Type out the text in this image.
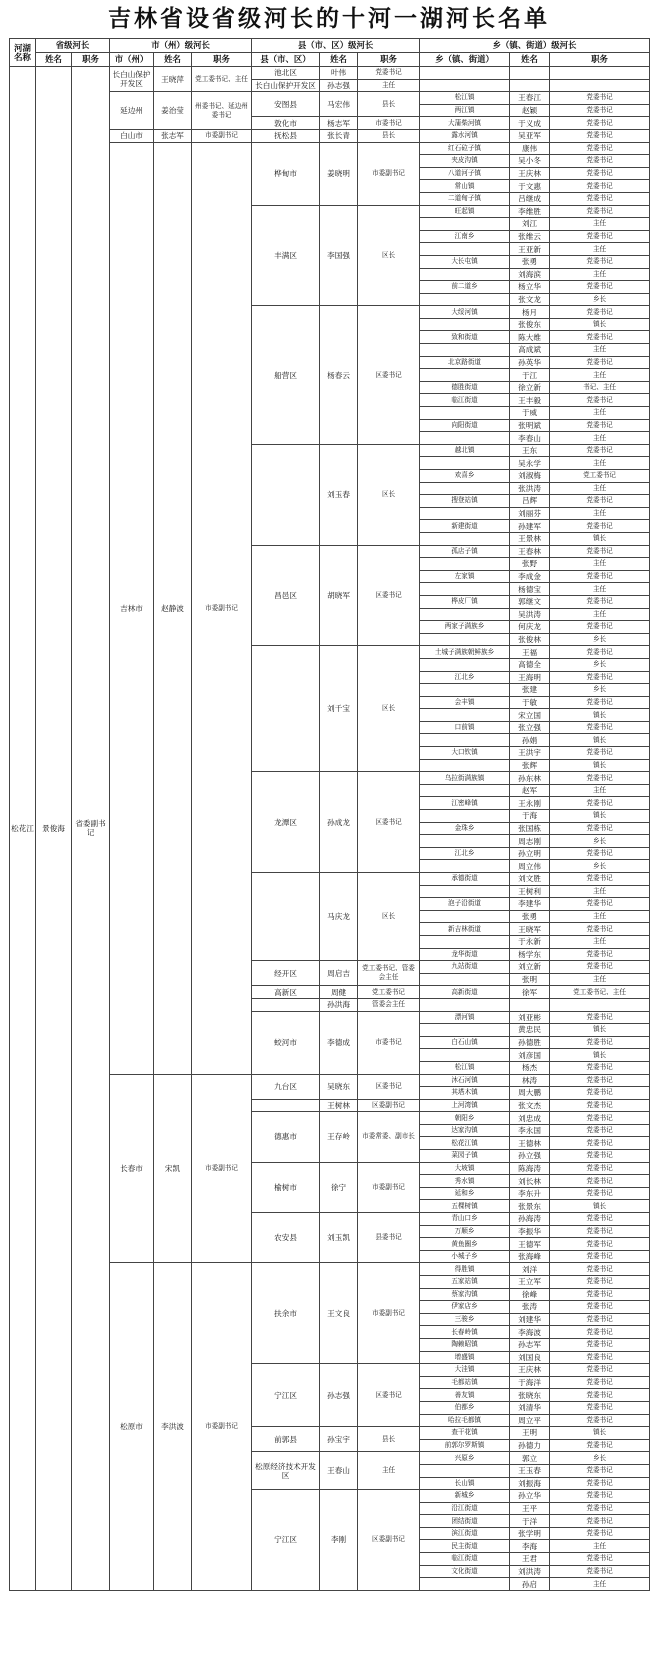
吉林省设省级河长的十河一湖河长名单
河湖名称	省级河长		市（州）级河长			县（市、区）级河长			乡（镇、街道）级河长		
	姓名	职务	市（州）	姓名	职务	县（市、区）	姓名	职务	乡（镇、街道）	姓名	职务
松花江	景俊海	省委副书记	长白山保护开发区	王晓萍	党工委书记、主任	池北区	叶伟	党委书记			
						长白山保护开发区	孙志强	主任			
			延边州	姜治莹	州委书记、延边州委书记	安图县	马宏伟	县长	松江镇	王春江	党委书记
									两江镇	赵颖	党委书记
						敦化市	杨志军	市委书记	大蒲柴河镇	于义成	党委书记
			白山市	张志军	市委副书记	抚松县	张长青	县长	露水河镇	吴亚军	党委书记
			吉林市	赵静波	市委副书记	桦甸市	姜晓明	市委副书记	红石砬子镇	康伟	党委书记
									夹皮沟镇	吴小冬	党委书记
									八道河子镇	王庆林	党委书记
									常山镇	于文惠	党委书记
									二道甸子镇	吕继成	党委书记
						丰满区	李国强	区长	旺起镇	李维胜	党委书记
										刘江	主任
									江南乡	张维云	党委书记
										王亚新	主任
									大长屯镇	张勇	党委书记
										刘海滨	主任
									前二道乡	杨立华	党委书记
										张文龙	乡长
						船营区	杨春云	区委书记	大绥河镇	杨月	党委书记
										张俊东	镇长
									致和街道	陈大维	党委书记
										高成斌	主任
									北京路街道	孙英华	党委书记
										于江	主任
									德胜街道	徐立新	书记、主任
									临江街道	王丰毅	党委书记
										于威	主任
									向阳街道	张明斌	党委书记
										李春山	主任
							刘玉春	区长	越北镇	王东	党委书记
										吴永学	主任
									欢喜乡	刘淑梅	党工委书记
										张洪涛	主任
									搜登站镇	吕辉	党委书记
										刘丽芬	主任
									新建街道	孙建军	党委书记
										王景林	镇长
						昌邑区	胡晓军	区委书记	孤店子镇	王春林	党委书记
										张野	主任
									左家镇	李成金	党委书记
										杨德宝	主任
									桦皮厂镇	郭继文	党委书记
										吴洪涛	主任
									两家子满族乡	何庆龙	党委书记
										张俊林	乡长
							刘千宝	区长	土城子满族朝鲜族乡	王福	党委书记
										高德全	乡长
									江北乡	王海明	党委书记
										张建	乡长
									会丰镇	于敏	党委书记
										宋立国	镇长
									口前镇	张立强	党委书记
										孙娟	镇长
									大口钦镇	王洪宇	党委书记
										张辉	镇长
						龙潭区	孙成龙	区委书记	乌拉街满族镇	孙东林	党委书记
										赵军	主任
									江密峰镇	王永刚	党委书记
										于海	镇长
									金珠乡	张国栋	党委书记
										周志刚	乡长
									江北乡	孙立明	党委书记
										周立伟	乡长
							马庆龙	区长	承德街道	刘文胜	党委书记
										王树利	主任
									泡子沿街道	李建华	党委书记
										张勇	主任
									新吉林街道	王晓军	党委书记
										于永新	主任
									龙华街道	杨学东	党委书记
						经开区	周启吉	党工委书记、管委会主任	九站街道	刘立新	党委书记
										张明	主任
						高新区	周健	党工委书记	高新街道	徐军	党工委书记、主任
							孙洪海	管委会主任			
						蛟河市	李德成	市委书记	漂河镇	刘亚彬	党委书记
										黄忠民	镇长
									白石山镇	孙德胜	党委书记
										刘彦国	镇长
									松江镇	杨杰	党委书记
			长春市	宋凯	市委副书记	九台区	吴晓东	区委书记	沐石河镇	林涛	党委书记
									其塔木镇	周大鹏	党委书记
							王树林	区委副书记	上河湾镇	张文杰	党委书记
						德惠市	王存岭	市委常委、副市长	朝阳乡	刘忠成	党委书记
									达家沟镇	李永国	党委书记
									松花江镇	王德林	党委书记
									菜园子镇	孙立强	党委书记
						榆树市	徐宁	市委副书记	大坡镇	陈海涛	党委书记
									秀水镇	刘长林	党委书记
									延和乡	李东升	党委书记
									五棵树镇	张景东	镇长
						农安县	刘玉凯	县委书记	青山口乡	孙海涛	党委书记
									万顺乡	李振华	党委书记
									黄鱼圈乡	王德军	党委书记
									小城子乡	张海峰	党委书记
			松原市	李洪波	市委副书记	扶余市	王文良	市委副书记	得胜镇	刘洋	党委书记
									五家站镇	王立军	党委书记
									蔡家沟镇	徐峰	党委书记
									伊家店乡	张涛	党委书记
									三骏乡	刘建华	党委书记
									长春岭镇	李海波	党委书记
									陶赖昭镇	孙志军	党委书记
									增盛镇	刘国良	党委书记
						宁江区	孙志强	区委书记	大洼镇	王庆林	党委书记
									毛都站镇	于海洋	党委书记
									善友镇	张晓东	党委书记
									伯都乡	刘清华	党委书记
									哈拉毛都镇	周立平	党委书记
						前郭县	孙宝宇	县长	查干花镇	王明	镇长
									前郭尔罗斯镇	孙德力	党委书记
						松原经济技术开发区	王春山	主任	兴原乡	郭立	乡长
										王玉春	党委书记
									长山镇	刘振海	党委书记
						宁江区	李刚	区委副书记	新城乡	孙立华	党委书记
									沿江街道	王平	党委书记
									团结街道	于洋	党委书记
									滨江街道	张学明	党委书记
									民主街道	李海	主任
									临江街道	王君	党委书记
									文化街道	刘洪涛	党委书记
										孙启	主任
